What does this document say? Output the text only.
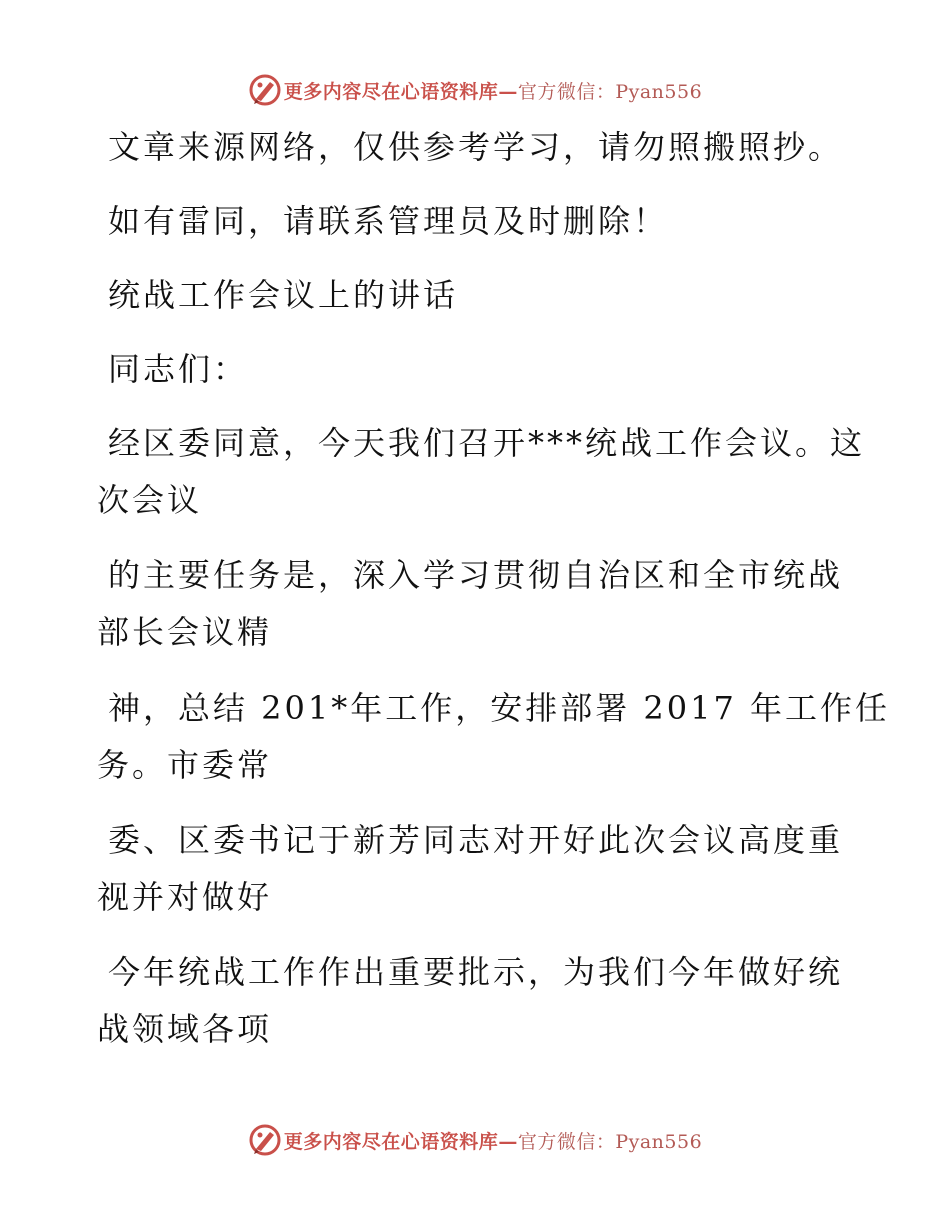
更多内容尽在心语资料库—官方微信：Pyan556
文章来源网络，仅供参考学习，请勿照搬照抄。
如有雷同，请联系管理员及时删除！
统战工作会议上的讲话
同志们：
经区委同意，今天我们召开***统战工作会议。这
次会议
的主要任务是，深入学习贯彻自治区和全市统战
部长会议精
神，总结 201*年工作，安排部署 2017 年工作任
务。市委常
委、区委书记于新芳同志对开好此次会议高度重
视并对做好
今年统战工作作出重要批示，为我们今年做好统
战领域各项
更多内容尽在心语资料库—官方微信：Pyan556
